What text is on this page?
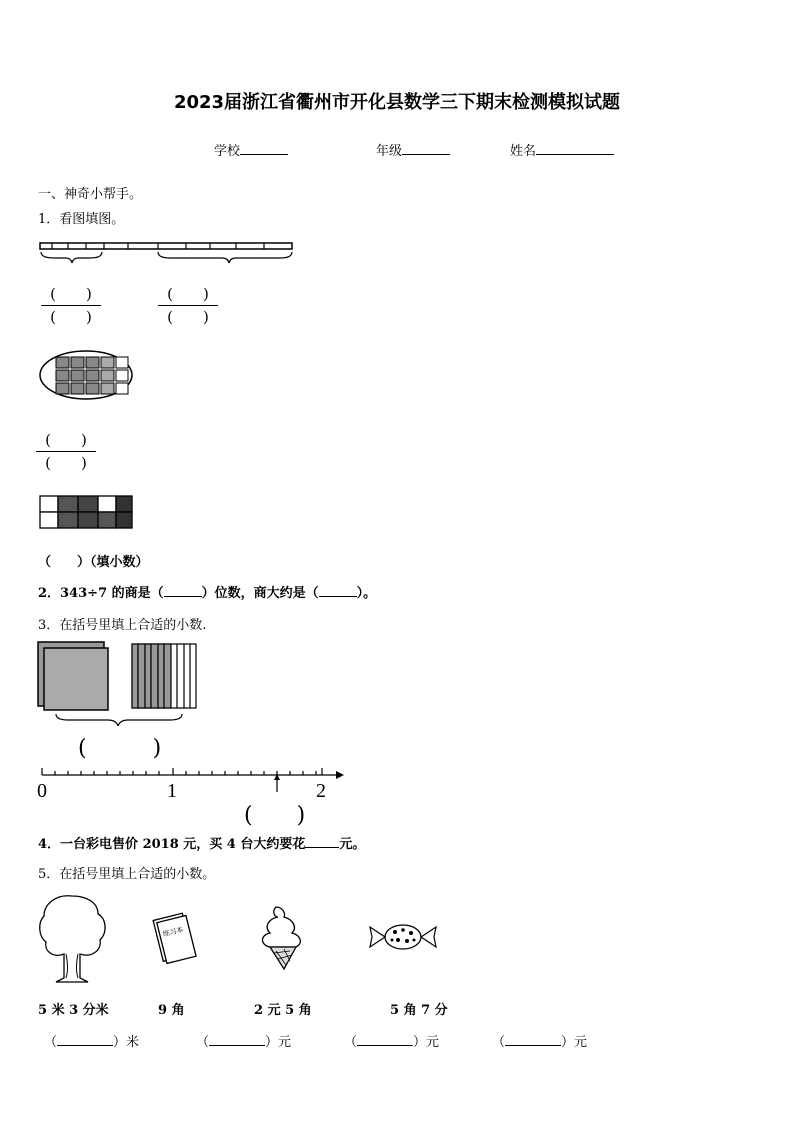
2023届浙江省衢州市开化县数学三下期末检测模拟试题
学校	年级	姓名
一、神奇小帮手。
1．看图填图。
(　　)
(　　)
(　　)
(　　)
(　　)
(　　)
（　　）（填小数）
2．343÷7 的商是（	）位数，商大约是（	）。
3．在括号里填上合适的小数.
(　　　)
0	1	2
(　　)
4．一台彩电售价 2018 元，买 4 台大约要花	元。
5．在括号里填上合适的小数。
练习本
5 米 3 分米	9 角	2 元 5 角	5 角 7 分
（	）米	（	）元	（	）元	（	）元
